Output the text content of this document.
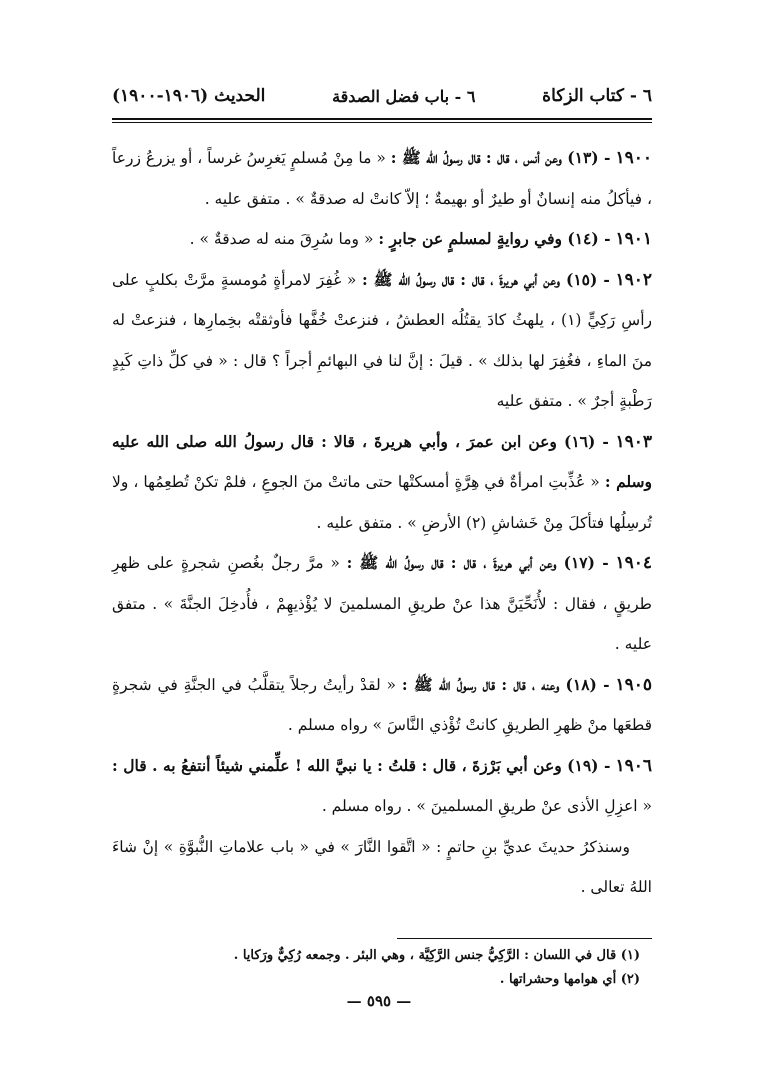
٦ - كتاب الزكاة
٦ - باب فضل الصدقة
الحديث (١٩٠٦-١٩٠٠)

١٩٠٠ - (١٣) وعن أنس ، قال : قال رسولُ الله ﷺ : « ما مِنْ مُسلمٍ يَغرِسُ غرساً ، أو يزرعُ زرعاً ، فيأكلُ منه إنسانٌ أو طيرٌ أو بهيمةٌ ؛ إلاّ كانتْ له صدقةٌ » . متفق عليه .

١٩٠١ - (١٤) وفي روايةٍ لمسلمٍ عن جابرٍ : « وما سُرِقَ منه له صدقةٌ » .

١٩٠٢ - (١٥) وعن أبي هريرةَ ، قال : قال رسولُ الله ﷺ : « غُفِرَ لامرأةٍ مُومسةٍ مرَّتْ بكلبٍ على رأسِ رَكِيٍّ (١) ، يلهثُ كادَ يقتُلُه العطشُ ، فنزعتْ خُفَّها فأوثقتْه بخِمارِها ، فنزعتْ له منَ الماءِ ، فغُفِرَ لها بذلك » . قيلَ : إنَّ لنا في البهائمِ أجراً ؟ قال : « في كلِّ ذاتِ كَبِدٍ رَطْبةٍ أجرٌ » . متفق عليه

١٩٠٣ - (١٦) وعن ابن عمرَ ، وأبي هريرةَ ، قالا : قال رسولُ الله صلى الله عليه وسلم : « عُذِّبتِ امرأةٌ في هِرَّةٍ أمسكتْها حتى ماتتْ منَ الجوعِ ، فلمْ تكنْ تُطعِمُها ، ولا تُرسِلُها فتأكلَ مِنْ خَشاشِ (٢) الأرضِ » . متفق عليه .

١٩٠٤ - (١٧) وعن أبي هريرةَ ، قال : قال رسولُ الله ﷺ : « مرَّ رجلٌ بغُصنِ شجرةٍ على ظهرِ طريقٍ ، فقال : لأُنَحِّيَنَّ هذا عنْ طريقِ المسلمينَ لا يُؤْذيهِمْ ، فأُدخِلَ الجنَّةَ » . متفق عليه .

١٩٠٥ - (١٨) وعنه ، قال : قال رسولُ الله ﷺ : « لقدْ رأيتُ رجلاً يتقلَّبُ في الجنَّةِ في شجرةٍ قطعَها منْ ظهرِ الطريقِ كانتْ تُؤْذي النَّاسَ » رواه مسلم .

١٩٠٦ - (١٩) وعن أبي بَرْزةَ ، قال : قلتُ : يا نبيَّ الله ! علِّمني شيئاً أنتفعُ به . قال : « اعزِلِ الأذى عنْ طريقِ المسلمينَ » . رواه مسلم .

وسنذكرُ حديثَ عديِّ بنِ حاتمٍ : « اتَّقوا النَّارَ » في « باب علاماتِ النُّبوَّةِ » إنْ شاءَ اللهُ تعالى .

(١) قال في اللسان : الرَّكِيُّ جنس الرَّكِيَّة ، وهي البئر . وجمعه رُكِيٌّ ورَكايا .

(٢) أي هوامها وحشراتها .

— ٥٩٥ —
